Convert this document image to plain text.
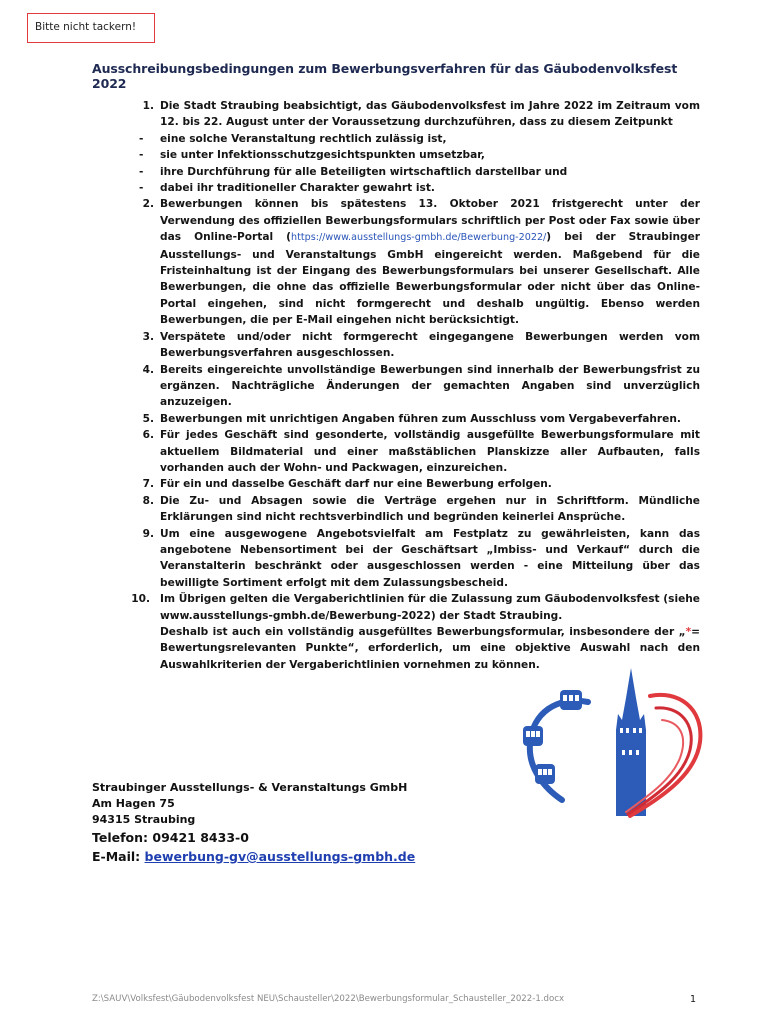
Bitte nicht tackern!
Ausschreibungsbedingungen zum Bewerbungsverfahren für das Gäubodenvolksfest 2022
1. Die Stadt Straubing beabsichtigt, das Gäubodenvolksfest im Jahre 2022 im Zeitraum vom 12. bis 22. August unter der Voraussetzung durchzuführen, dass zu diesem Zeitpunkt
- eine solche Veranstaltung rechtlich zulässig ist,
- sie unter Infektionsschutzgesichtspunkten umsetzbar,
- ihre Durchführung für alle Beteiligten wirtschaftlich darstellbar und
- dabei ihr traditioneller Charakter gewahrt ist.
2. Bewerbungen können bis spätestens 13. Oktober 2021 fristgerecht unter der Verwendung des offiziellen Bewerbungsformulars schriftlich per Post oder Fax sowie über das Online-Portal (https://www.ausstellungs-gmbh.de/Bewerbung-2022/) bei der Straubinger Ausstellungs- und Veranstaltungs GmbH eingereicht werden. Maßgebend für die Fristeinhaltung ist der Eingang des Bewerbungsformulars bei unserer Gesellschaft. Alle Bewerbungen, die ohne das offizielle Bewerbungsformular oder nicht über das Online-Portal eingehen, sind nicht formgerecht und deshalb ungültig. Ebenso werden Bewerbungen, die per E-Mail eingehen nicht berücksichtigt.
3. Verspätete und/oder nicht formgerecht eingegangene Bewerbungen werden vom Bewerbungsverfahren ausgeschlossen.
4. Bereits eingereichte unvollständige Bewerbungen sind innerhalb der Bewerbungsfrist zu ergänzen. Nachträgliche Änderungen der gemachten Angaben sind unverzüglich anzuzeigen.
5. Bewerbungen mit unrichtigen Angaben führen zum Ausschluss vom Vergabeverfahren.
6. Für jedes Geschäft sind gesonderte, vollständig ausgefüllte Bewerbungsformulare mit aktuellem Bildmaterial und einer maßstäblichen Planskizze aller Aufbauten, falls vorhanden auch der Wohn- und Packwagen, einzureichen.
7. Für ein und dasselbe Geschäft darf nur eine Bewerbung erfolgen.
8. Die Zu- und Absagen sowie die Verträge ergehen nur in Schriftform. Mündliche Erklärungen sind nicht rechtsverbindlich und begründen keinerlei Ansprüche.
9. Um eine ausgewogene Angebotsvielfalt am Festplatz zu gewährleisten, kann das angebotene Nebensortiment bei der Geschäftsart „Imbiss- und Verkauf“ durch die Veranstalterin beschränkt oder ausgeschlossen werden - eine Mitteilung über das bewilligte Sortiment erfolgt mit dem Zulassungsbescheid.
10. Im Übrigen gelten die Vergaberichtlinien für die Zulassung zum Gäubodenvolksfest (siehe www.ausstellungs-gmbh.de/Bewerbung-2022) der Stadt Straubing.
Deshalb ist auch ein vollständig ausgefülltes Bewerbungsformular, insbesondere der „*= Bewertungsrelevanten Punkte“, erforderlich, um eine objektive Auswahl nach den Auswahlkriterien der Vergaberichtlinien vornehmen zu können.
Straubinger Ausstellungs- & Veranstaltungs GmbH
Am Hagen 75
94315 Straubing
Telefon: 09421 8433-0
E-Mail: bewerbung-gv@ausstellungs-gmbh.de
Z:\SAUV\Volksfest\Gäubodenvolksfest NEU\Schausteller\2022\Bewerbungsformular_Schausteller_2022-1.docx	1
